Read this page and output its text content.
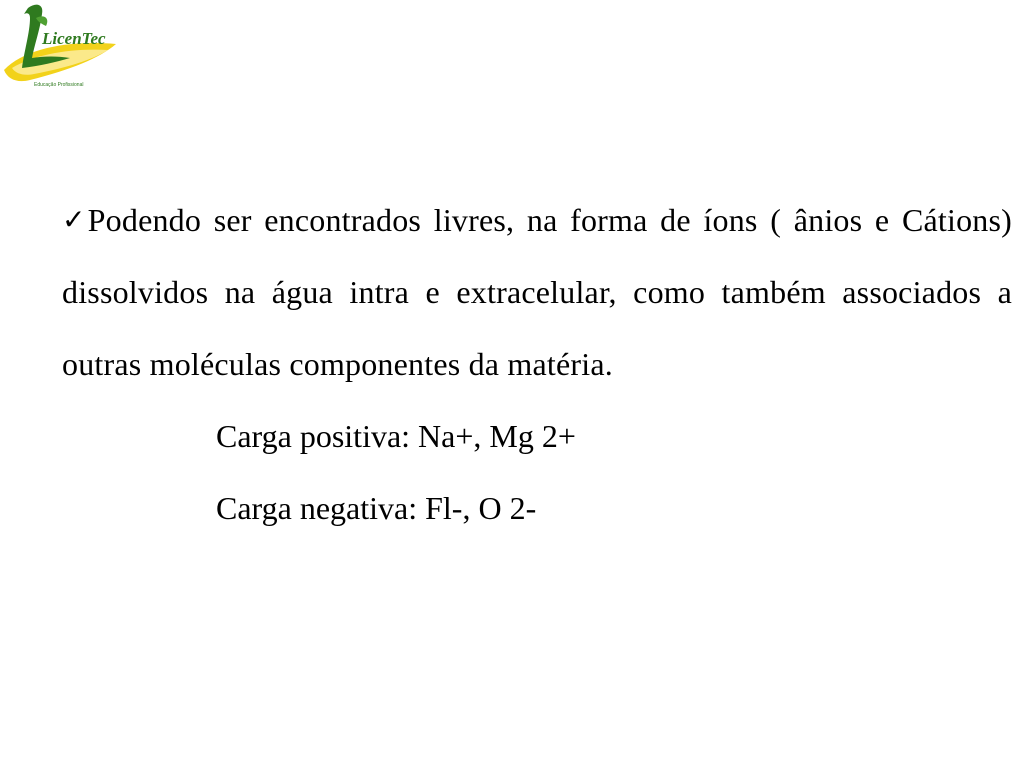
LicenTec
Educação Profissional

✓Podendo ser encontrados livres, na forma de íons ( ânios e Cátions) dissolvidos na água intra e extracelular, como também associados a outras moléculas componentes da matéria.

Carga positiva: Na+, Mg 2+

Carga negativa: Fl-, O 2-
